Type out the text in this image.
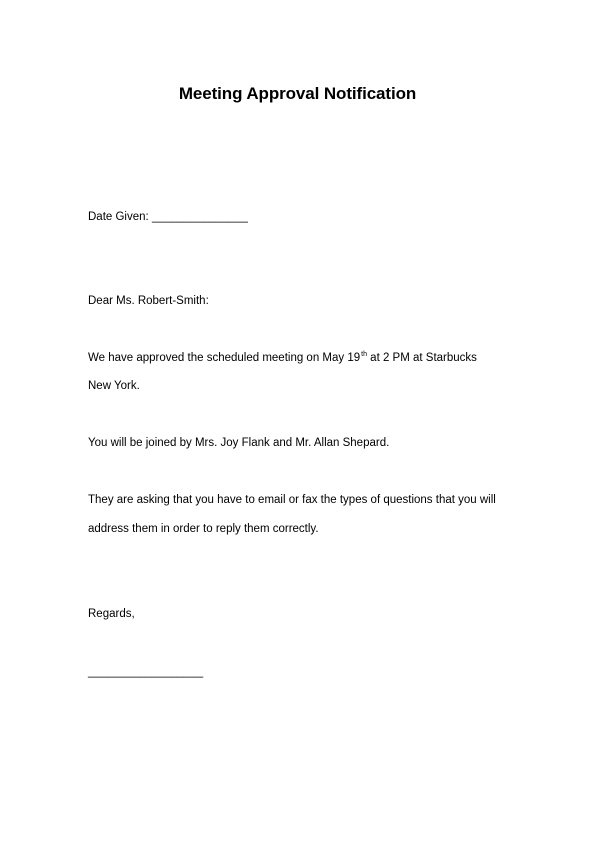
Meeting Approval Notification
Date Given: _______________
Dear Ms. Robert-Smith:
We have approved the scheduled meeting on May 19th at 2 PM at Starbucks
New York.
You will be joined by Mrs. Joy Flank and Mr. Allan Shepard.
They are asking that you have to email or fax the types of questions that you will
address them in order to reply them correctly.
Regards,
__________________
